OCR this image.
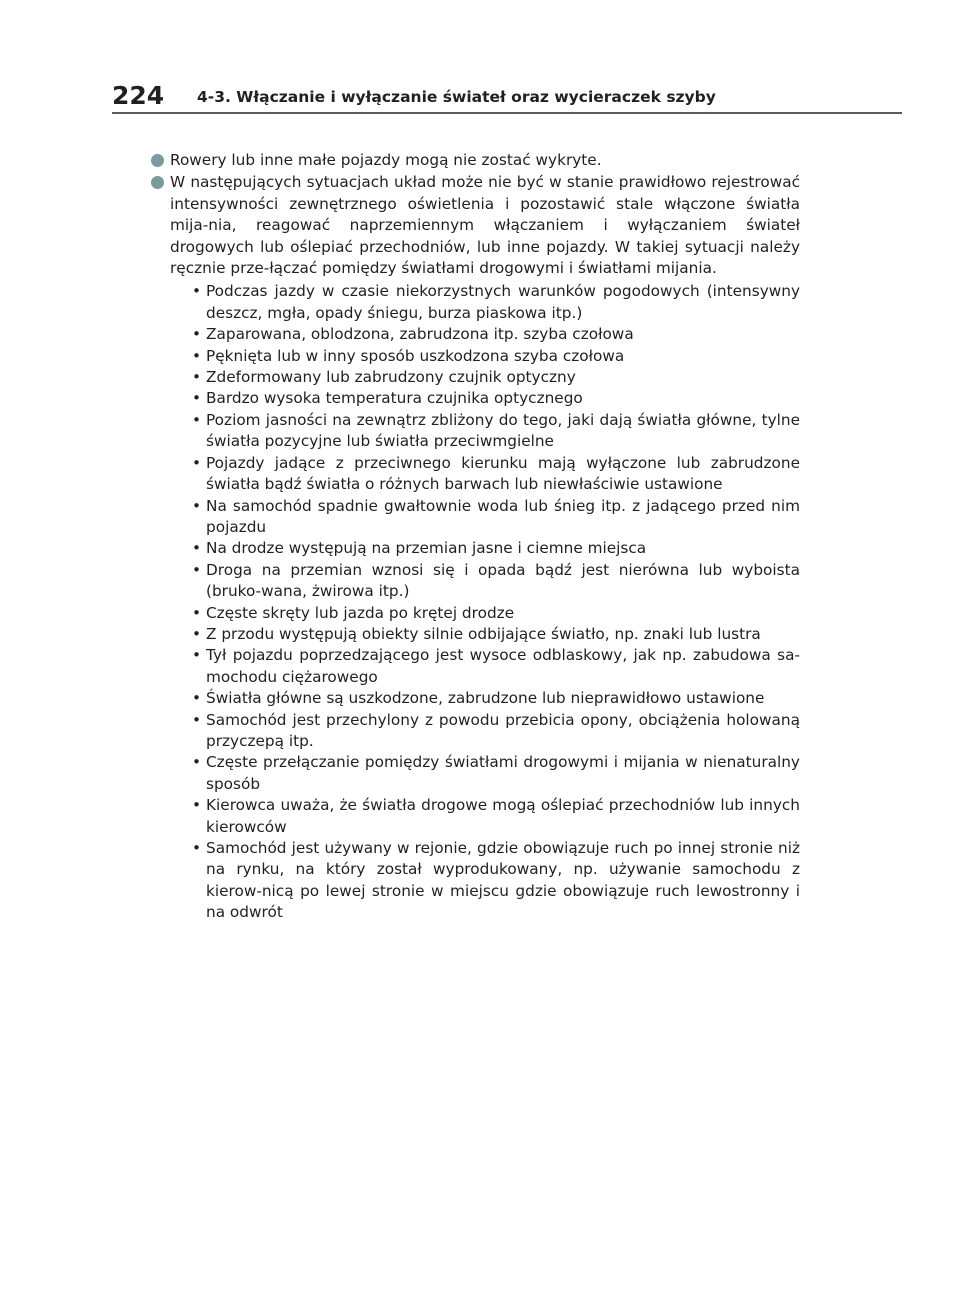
224 4-3. Włączanie i wyłączanie świateł oraz wycieraczek szyby
Rowery lub inne małe pojazdy mogą nie zostać wykryte.
W następujących sytuacjach układ może nie być w stanie prawidłowo rejestrować intensywności zewnętrznego oświetlenia i pozostawić stale włączone światła mija-nia, reagować naprzemiennym włączaniem i wyłączaniem świateł drogowych lub oślepiać przechodniów, lub inne pojazdy. W takiej sytuacji należy ręcznie prze-łączać pomiędzy światłami drogowymi i światłami mijania.
• Podczas jazdy w czasie niekorzystnych warunków pogodowych (intensywny deszcz, mgła, opady śniegu, burza piaskowa itp.)
• Zaparowana, oblodzona, zabrudzona itp. szyba czołowa
• Pęknięta lub w inny sposób uszkodzona szyba czołowa
• Zdeformowany lub zabrudzony czujnik optyczny
• Bardzo wysoka temperatura czujnika optycznego
• Poziom jasności na zewnątrz zbliżony do tego, jaki dają światła główne, tylne światła pozycyjne lub światła przeciwmgielne
• Pojazdy jadące z przeciwnego kierunku mają wyłączone lub zabrudzone światła bądź światła o różnych barwach lub niewłaściwie ustawione
• Na samochód spadnie gwałtownie woda lub śnieg itp. z jadącego przed nim pojazdu
• Na drodze występują na przemian jasne i ciemne miejsca
• Droga na przemian wznosi się i opada bądź jest nierówna lub wyboista (bruko-wana, żwirowa itp.)
• Częste skręty lub jazda po krętej drodze
• Z przodu występują obiekty silnie odbijające światło, np. znaki lub lustra
• Tył pojazdu poprzedzającego jest wysoce odblaskowy, jak np. zabudowa sa-mochodu ciężarowego
• Światła główne są uszkodzone, zabrudzone lub nieprawidłowo ustawione
• Samochód jest przechylony z powodu przebicia opony, obciążenia holowaną przyczepą itp.
• Częste przełączanie pomiędzy światłami drogowymi i mijania w nienaturalny sposób
• Kierowca uważa, że światła drogowe mogą oślepiać przechodniów lub innych kierowców
• Samochód jest używany w rejonie, gdzie obowiązuje ruch po innej stronie niż na rynku, na który został wyprodukowany, np. używanie samochodu z kierow-nicą po lewej stronie w miejscu gdzie obowiązuje ruch lewostronny i na odwrót
